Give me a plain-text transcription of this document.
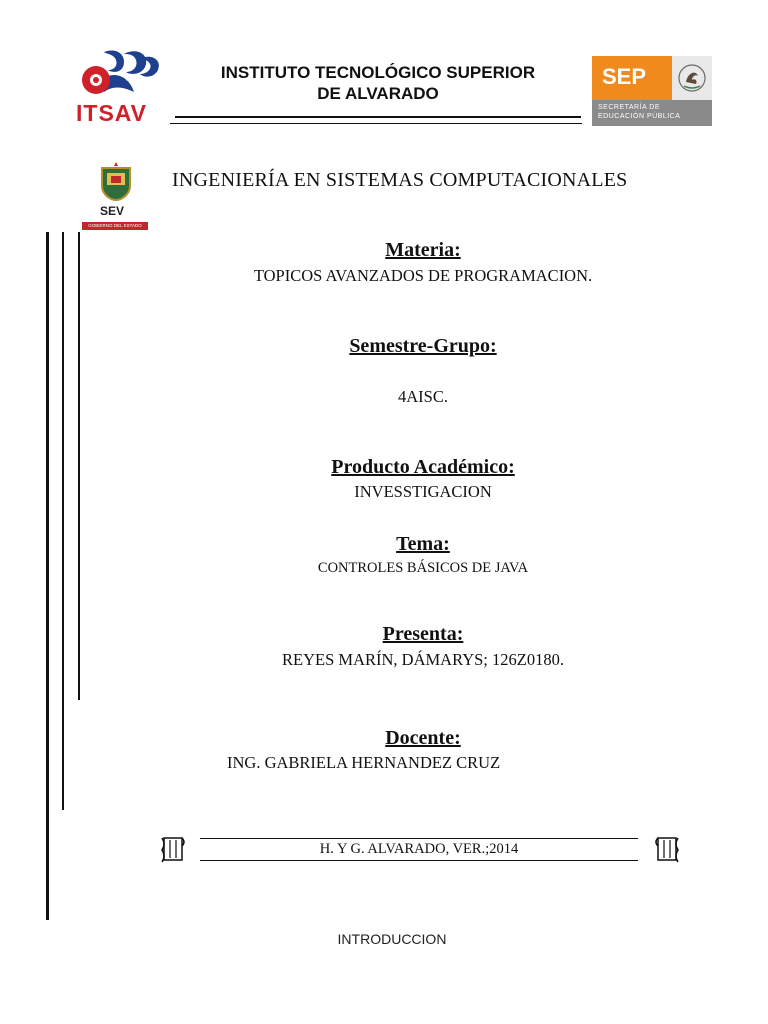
ITSAV
INSTITUTO TECNOLÓGICO SUPERIOR
DE ALVARADO
SEP
SECRETARÍA DE
EDUCACIÓN PÚBLICA
SEV
GOBIERNO DEL ESTADO
INGENIERÍA EN SISTEMAS COMPUTACIONALES
Materia:
TOPICOS AVANZADOS DE PROGRAMACION.
Semestre-Grupo:
4AISC.
Producto Académico:
INVESSTIGACION
Tema:
CONTROLES BÁSICOS DE JAVA
Presenta:
REYES MARÍN, DÁMARYS; 126Z0180.
Docente:
ING. GABRIELA HERNANDEZ CRUZ
H. Y G. ALVARADO, VER.;2014
INTRODUCCION
